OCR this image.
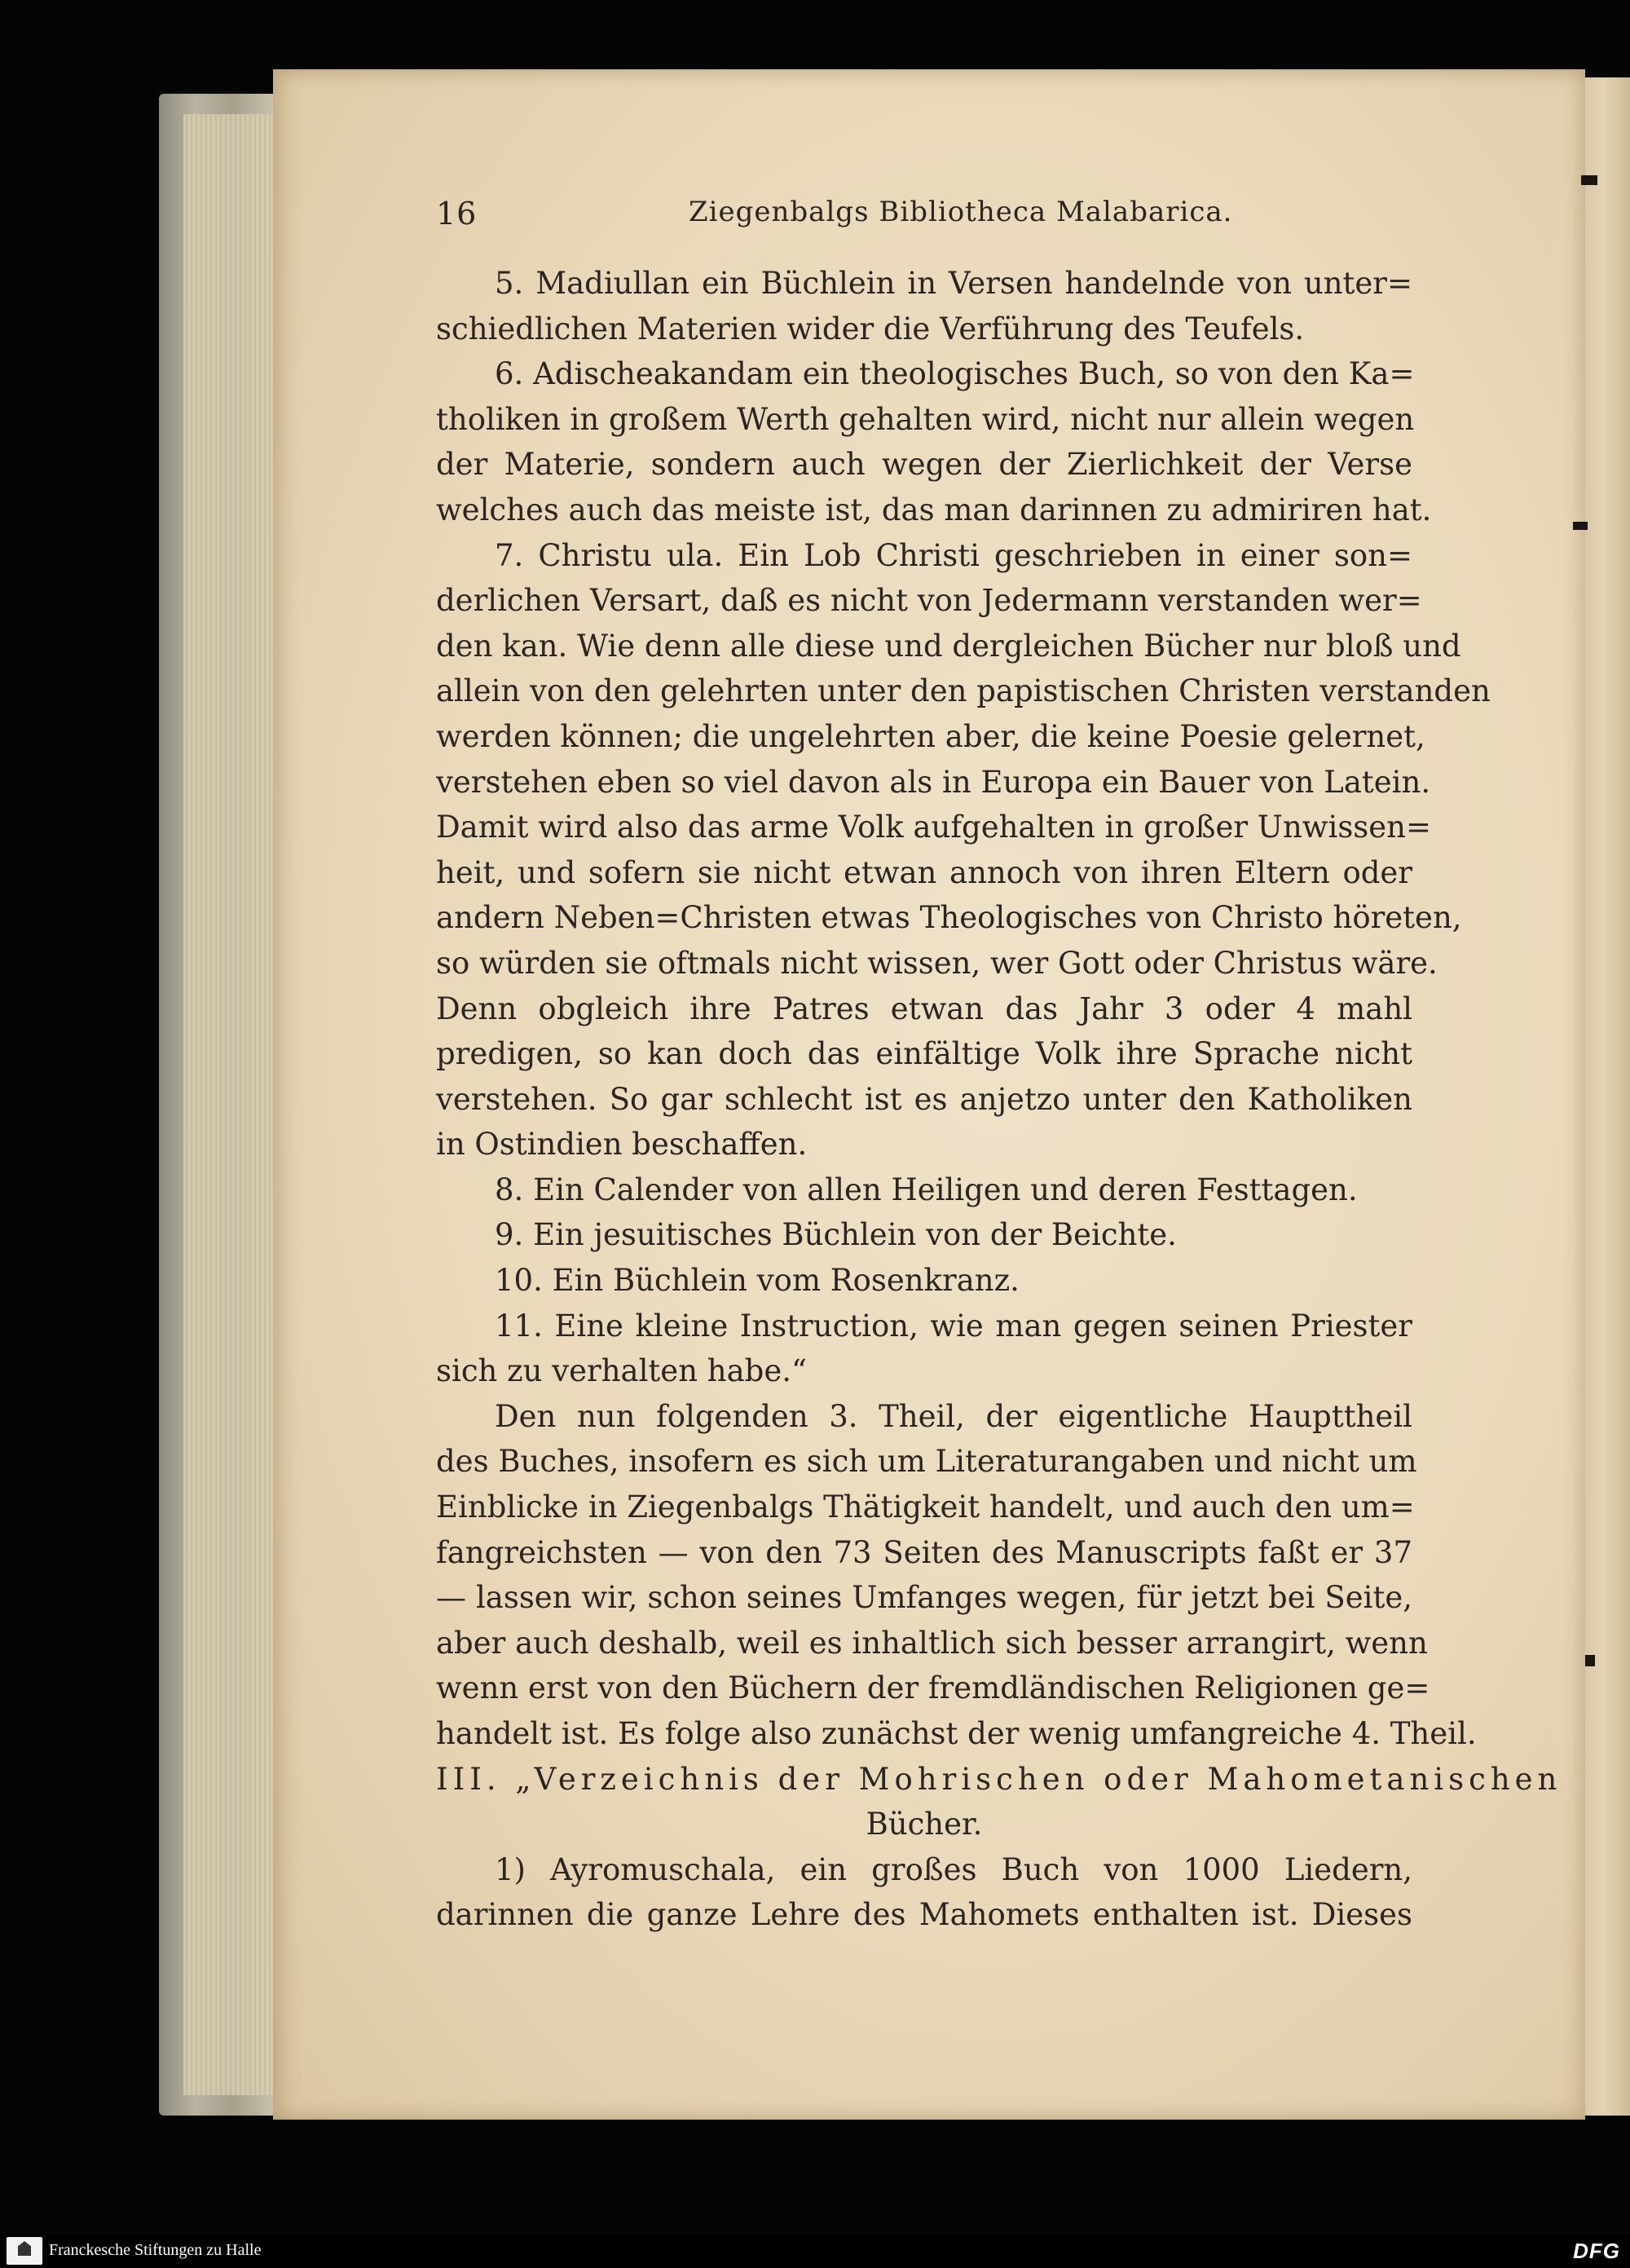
16	Ziegenbalgs Bibliotheca Malabarica.
5. Madiullan ein Büchlein in Versen handelnde von unter=
schiedlichen Materien wider die Verführung des Teufels.
6. Adischeakandam ein theologisches Buch, so von den Ka=
tholiken in großem Werth gehalten wird, nicht nur allein wegen
der Materie, sondern auch wegen der Zierlichkeit der Verse
welches auch das meiste ist, das man darinnen zu admiriren hat.
7. Christu ula. Ein Lob Christi geschrieben in einer son=
derlichen Versart, daß es nicht von Jedermann verstanden wer=
den kan. Wie denn alle diese und dergleichen Bücher nur bloß und
allein von den gelehrten unter den papistischen Christen verstanden
werden können; die ungelehrten aber, die keine Poesie gelernet,
verstehen eben so viel davon als in Europa ein Bauer von Latein.
Damit wird also das arme Volk aufgehalten in großer Unwissen=
heit, und sofern sie nicht etwan annoch von ihren Eltern oder
andern Neben=Christen etwas Theologisches von Christo höreten,
so würden sie oftmals nicht wissen, wer Gott oder Christus wäre.
Denn obgleich ihre Patres etwan das Jahr 3 oder 4 mahl
predigen, so kan doch das einfältige Volk ihre Sprache nicht
verstehen. So gar schlecht ist es anjetzo unter den Katholiken
in Ostindien beschaffen.
8. Ein Calender von allen Heiligen und deren Festtagen.
9. Ein jesuitisches Büchlein von der Beichte.
10. Ein Büchlein vom Rosenkranz.
11. Eine kleine Instruction, wie man gegen seinen Priester
sich zu verhalten habe.“
Den nun folgenden 3. Theil, der eigentliche Haupttheil
des Buches, insofern es sich um Literaturangaben und nicht um
Einblicke in Ziegenbalgs Thätigkeit handelt, und auch den um=
fangreichsten — von den 73 Seiten des Manuscripts faßt er 37
— lassen wir, schon seines Umfanges wegen, für jetzt bei Seite,
aber auch deshalb, weil es inhaltlich sich besser arrangirt, wenn
wenn erst von den Büchern der fremdländischen Religionen ge=
handelt ist. Es folge also zunächst der wenig umfangreiche 4. Theil.
III. „Verzeichnis der Mohrischen oder Mahometanischen
Bücher.
1) Ayromuschala, ein großes Buch von 1000 Liedern,
darinnen die ganze Lehre des Mahomets enthalten ist. Dieses
Franckesche Stiftungen zu Halle	DFG
